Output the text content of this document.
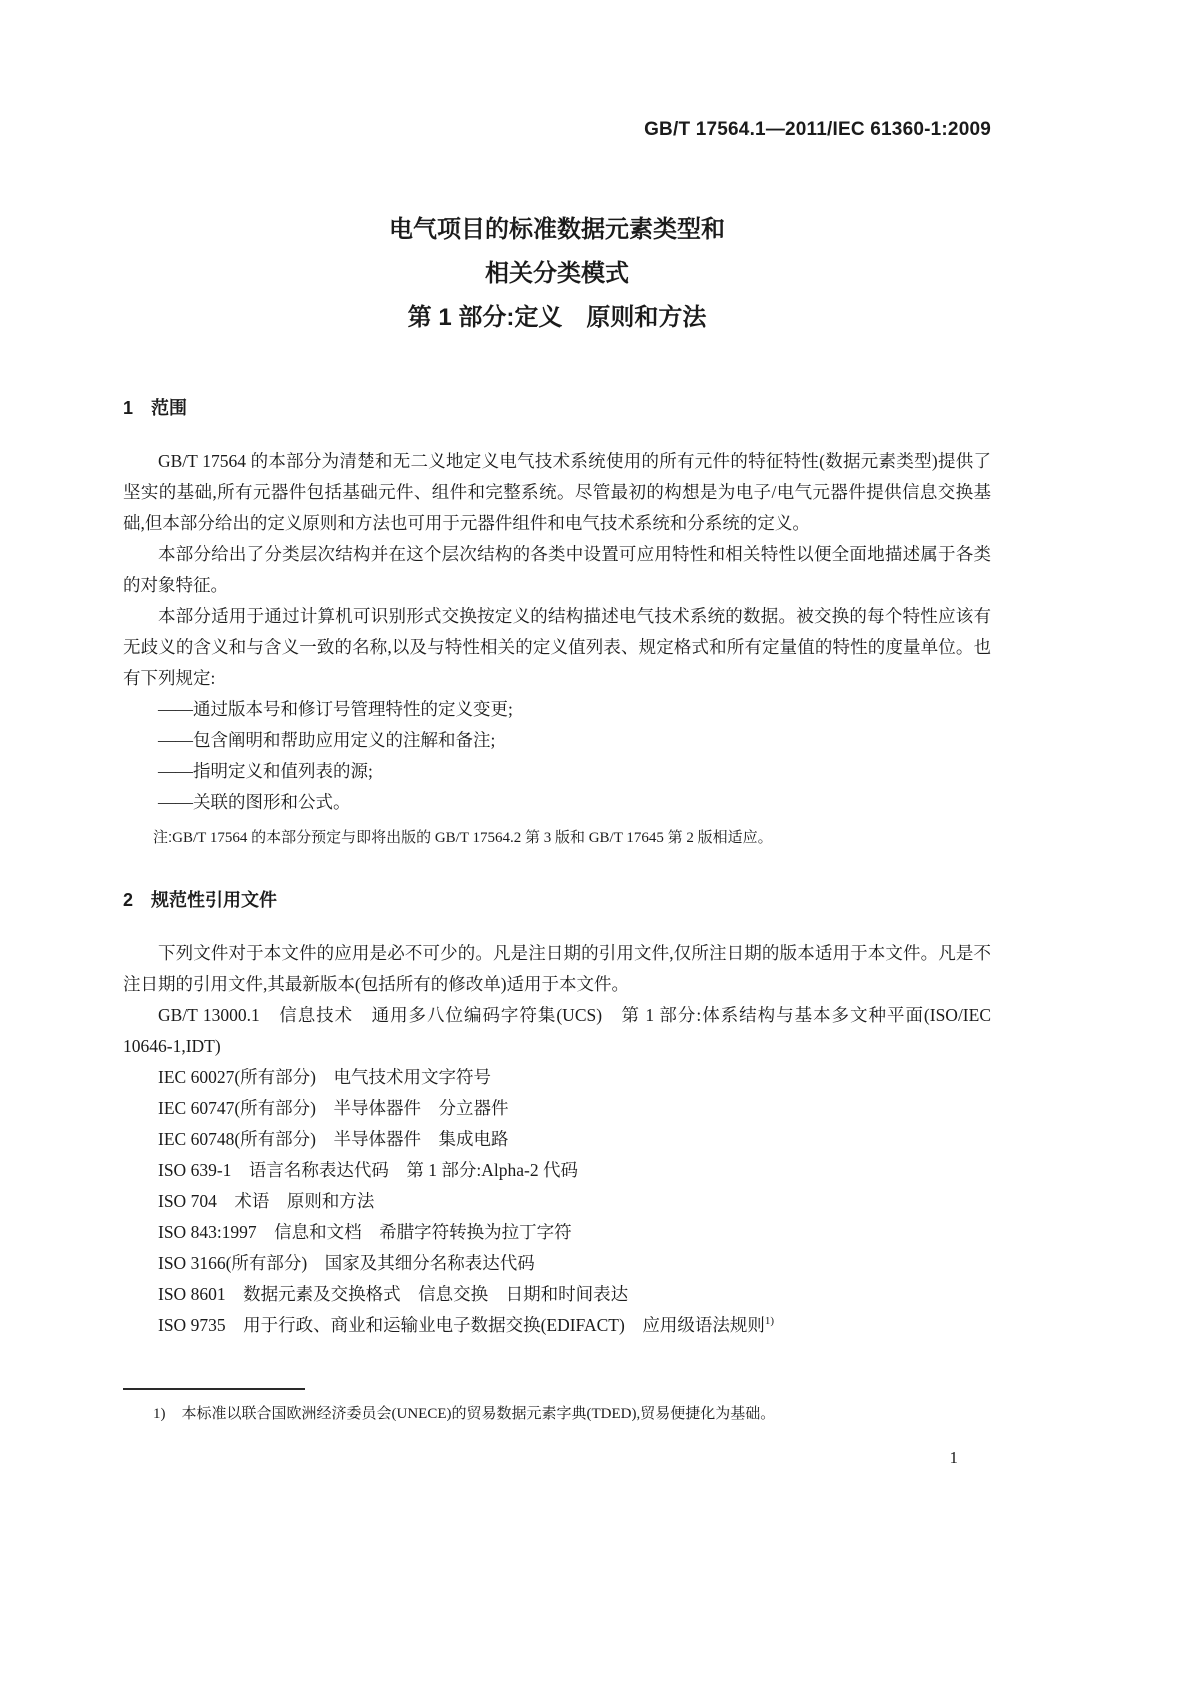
GB/T 17564.1—2011/IEC 61360-1:2009
电气项目的标准数据元素类型和
相关分类模式
第 1 部分:定义　原则和方法
1　范围

GB/T 17564 的本部分为清楚和无二义地定义电气技术系统使用的所有元件的特征特性(数据元素类型)提供了坚实的基础,所有元器件包括基础元件、组件和完整系统。尽管最初的构想是为电子/电气元器件提供信息交换基础,但本部分给出的定义原则和方法也可用于元器件组件和电气技术系统和分系统的定义。

本部分给出了分类层次结构并在这个层次结构的各类中设置可应用特性和相关特性以便全面地描述属于各类的对象特征。

本部分适用于通过计算机可识别形式交换按定义的结构描述电气技术系统的数据。被交换的每个特性应该有无歧义的含义和与含义一致的名称,以及与特性相关的定义值列表、规定格式和所有定量值的特性的度量单位。也有下列规定:

——通过版本号和修订号管理特性的定义变更;
——包含阐明和帮助应用定义的注解和备注;
——指明定义和值列表的源;
——关联的图形和公式。

注:GB/T 17564 的本部分预定与即将出版的 GB/T 17564.2 第 3 版和 GB/T 17645 第 2 版相适应。

2　规范性引用文件

下列文件对于本文件的应用是必不可少的。凡是注日期的引用文件,仅所注日期的版本适用于本文件。凡是不注日期的引用文件,其最新版本(包括所有的修改单)适用于本文件。

GB/T 13000.1　信息技术　通用多八位编码字符集(UCS)　第 1 部分:体系结构与基本多文种平面(ISO/IEC 10646-1,IDT)

IEC 60027(所有部分)　电气技术用文字符号

IEC 60747(所有部分)　半导体器件　分立器件

IEC 60748(所有部分)　半导体器件　集成电路

ISO 639-1　语言名称表达代码　第 1 部分:Alpha-2 代码

ISO 704　术语　原则和方法

ISO 843:1997　信息和文档　希腊字符转换为拉丁字符

ISO 3166(所有部分)　国家及其细分名称表达代码

ISO 8601　数据元素及交换格式　信息交换　日期和时间表达

ISO 9735　用于行政、商业和运输业电子数据交换(EDIFACT)　应用级语法规则$^{1)}$

1) 本标准以联合国欧洲经济委员会(UNECE)的贸易数据元素字典(TDED),贸易便捷化为基础。

1
